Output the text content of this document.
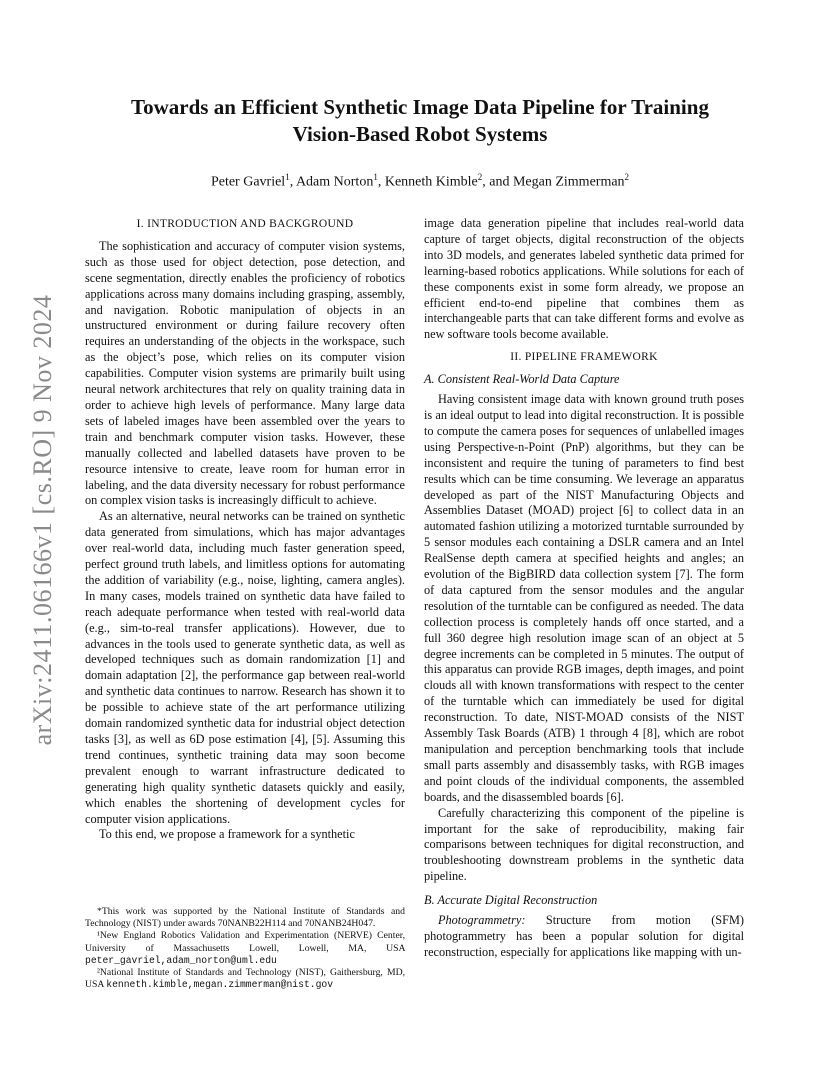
arXiv:2411.06166v1 [cs.RO] 9 Nov 2024
Towards an Efficient Synthetic Image Data Pipeline for Training
Vision-Based Robot Systems

Peter Gavriel$^1$, Adam Norton$^1$, Kenneth Kimble$^2$, and Megan Zimmerman$^2$

I. INTRODUCTION AND BACKGROUND

The sophistication and accuracy of computer vision systems, such as those used for object detection, pose detection, and scene segmentation, directly enables the proficiency of robotics applications across many domains including grasping, assembly, and navigation. Robotic manipulation of objects in an unstructured environment or during failure recovery often requires an understanding of the objects in the workspace, such as the object’s pose, which relies on its computer vision capabilities. Computer vision systems are primarily built using neural network architectures that rely on quality training data in order to achieve high levels of performance. Many large data sets of labeled images have been assembled over the years to train and benchmark computer vision tasks. However, these manually collected and labelled datasets have proven to be resource intensive to create, leave room for human error in labeling, and the data diversity necessary for robust performance on complex vision tasks is increasingly difficult to achieve.

As an alternative, neural networks can be trained on synthetic data generated from simulations, which has major advantages over real-world data, including much faster generation speed, perfect ground truth labels, and limitless options for automating the addition of variability (e.g., noise, lighting, camera angles). In many cases, models trained on synthetic data have failed to reach adequate performance when tested with real-world data (e.g., sim-to-real transfer applications). However, due to advances in the tools used to generate synthetic data, as well as developed techniques such as domain randomization [1] and domain adaptation [2], the performance gap between real-world and synthetic data continues to narrow. Research has shown it to be possible to achieve state of the art performance utilizing domain randomized synthetic data for industrial object detection tasks [3], as well as 6D pose estimation [4], [5]. Assuming this trend continues, synthetic training data may soon become prevalent enough to warrant infrastructure dedicated to generating high quality synthetic datasets quickly and easily, which enables the shortening of development cycles for computer vision applications.

To this end, we propose a framework for a synthetic

*This work was supported by the National Institute of Standards and Technology (NIST) under awards 70NANB22H114 and 70NANB24H047.

¹New England Robotics Validation and Experimentation (NERVE) Center, University of Massachusetts Lowell, Lowell, MA, USA peter_gavriel,adam_norton@uml.edu

²National Institute of Standards and Technology (NIST), Gaithersburg, MD, USA kenneth.kimble,megan.zimmerman@nist.gov

image data generation pipeline that includes real-world data capture of target objects, digital reconstruction of the objects into 3D models, and generates labeled synthetic data primed for learning-based robotics applications. While solutions for each of these components exist in some form already, we propose an efficient end-to-end pipeline that combines them as interchangeable parts that can take different forms and evolve as new software tools become available.

II. PIPELINE FRAMEWORK
A. Consistent Real-World Data Capture

Having consistent image data with known ground truth poses is an ideal output to lead into digital reconstruction. It is possible to compute the camera poses for sequences of unlabelled images using Perspective-n-Point (PnP) algorithms, but they can be inconsistent and require the tuning of parameters to find best results which can be time consuming. We leverage an apparatus developed as part of the NIST Manufacturing Objects and Assemblies Dataset (MOAD) project [6] to collect data in an automated fashion utilizing a motorized turntable surrounded by 5 sensor modules each containing a DSLR camera and an Intel RealSense depth camera at specified heights and angles; an evolution of the BigBIRD data collection system [7]. The form of data captured from the sensor modules and the angular resolution of the turntable can be configured as needed. The data collection process is completely hands off once started, and a full 360 degree high resolution image scan of an object at 5 degree increments can be completed in 5 minutes. The output of this apparatus can provide RGB images, depth images, and point clouds all with known transformations with respect to the center of the turntable which can immediately be used for digital reconstruction. To date, NIST-MOAD consists of the NIST Assembly Task Boards (ATB) 1 through 4 [8], which are robot manipulation and perception benchmarking tools that include small parts assembly and disassembly tasks, with RGB images and point clouds of the individual components, the assembled boards, and the disassembled boards [6].

Carefully characterizing this component of the pipeline is important for the sake of reproducibility, making fair comparisons between techniques for digital reconstruction, and troubleshooting downstream problems in the synthetic data pipeline.

B. Accurate Digital Reconstruction

Photogrammetry: Structure from motion (SFM) photogrammetry has been a popular solution for digital reconstruction, especially for applications like mapping with un-
